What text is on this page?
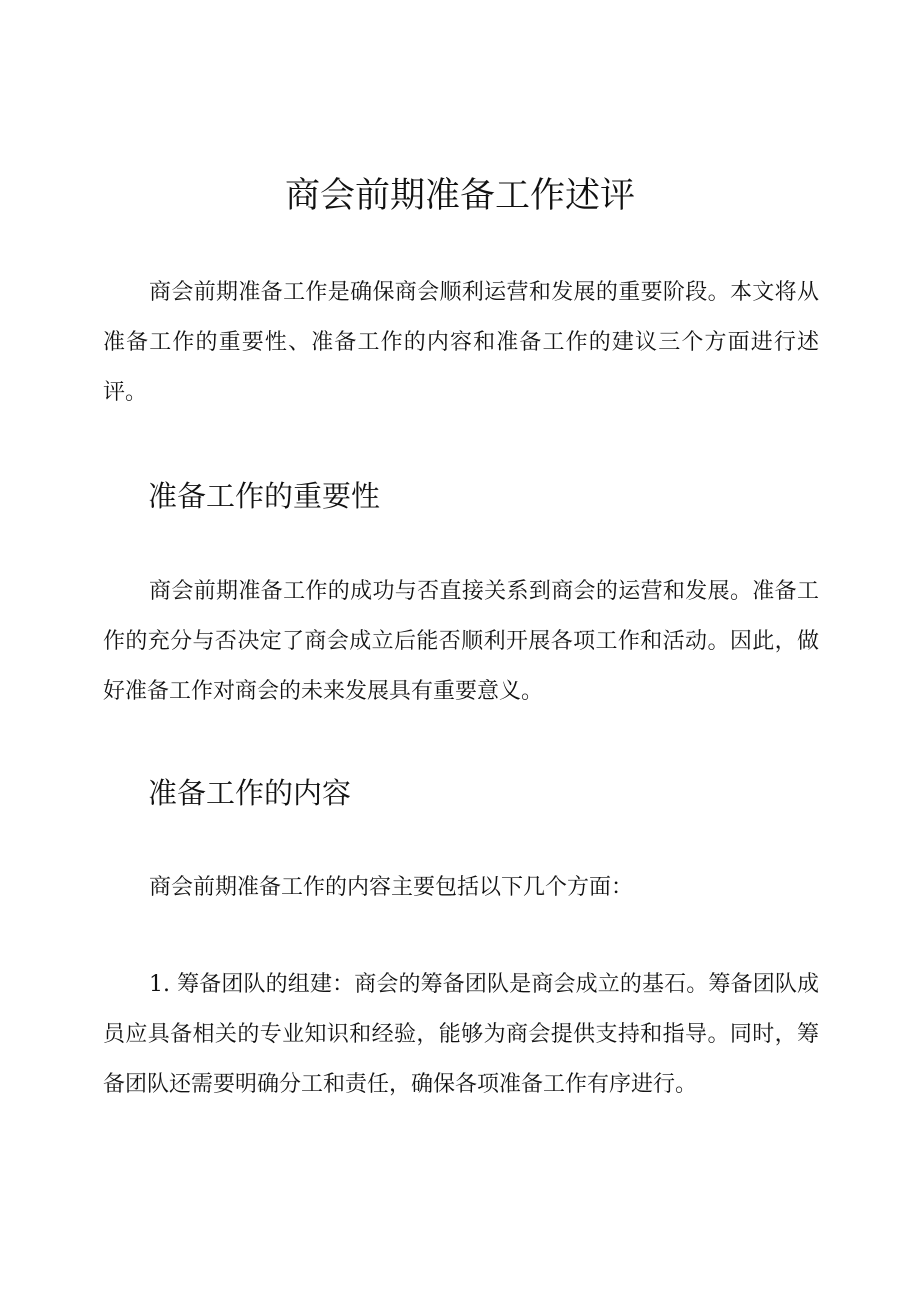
商会前期准备工作述评

商会前期准备工作是确保商会顺利运营和发展的重要阶段。本文将从准备工作的重要性、准备工作的内容和准备工作的建议三个方面进行述评。

准备工作的重要性

商会前期准备工作的成功与否直接关系到商会的运营和发展。准备工作的充分与否决定了商会成立后能否顺利开展各项工作和活动。因此，做好准备工作对商会的未来发展具有重要意义。

准备工作的内容

商会前期准备工作的内容主要包括以下几个方面：

1. 筹备团队的组建：商会的筹备团队是商会成立的基石。筹备团队成员应具备相关的专业知识和经验，能够为商会提供支持和指导。同时，筹备团队还需要明确分工和责任，确保各项准备工作有序进行。
